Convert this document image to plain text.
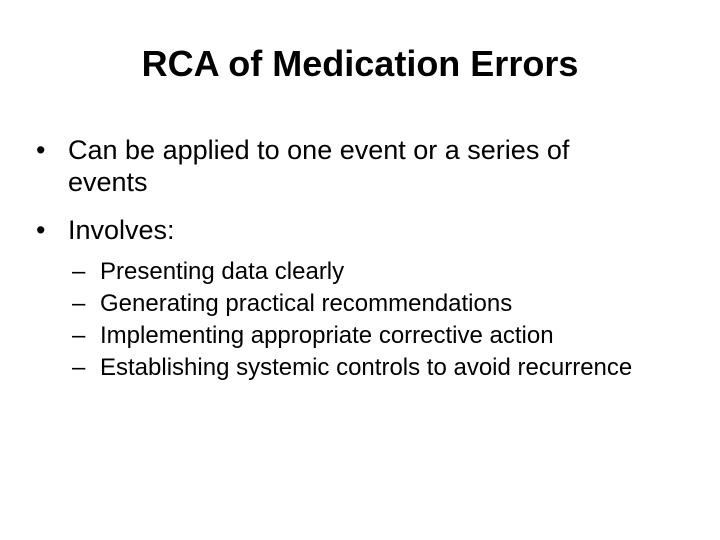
RCA of Medication Errors
• Can be applied to one event or a series of events
• Involves:
– Presenting data clearly
– Generating practical recommendations
– Implementing appropriate corrective action
– Establishing systemic controls to avoid recurrence
